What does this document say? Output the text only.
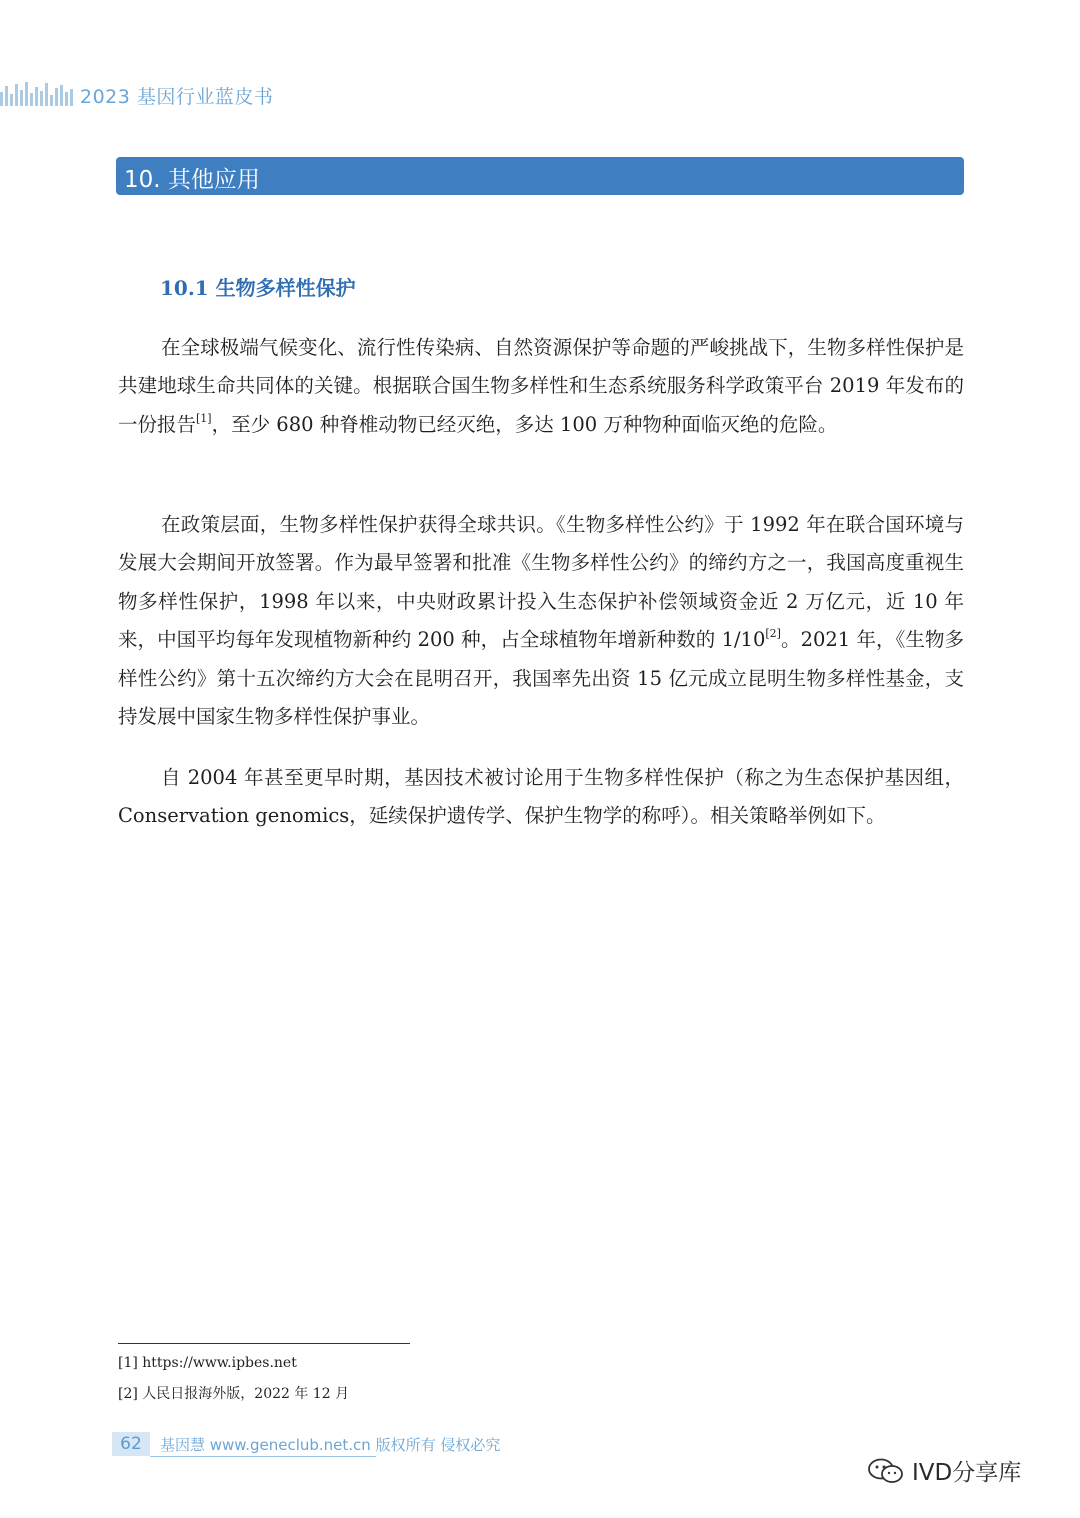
2023 基因行业蓝皮书
10. 其他应用
10.1 生物多样性保护

在全球极端气候变化、流行性传染病、自然资源保护等命题的严峻挑战下，生物多样性保护是共建地球生命共同体的关键。根据联合国生物多样性和生态系统服务科学政策平台 2019 年发布的一份报告[1]，至少 680 种脊椎动物已经灭绝，多达 100 万种物种面临灭绝的危险。

在政策层面，生物多样性保护获得全球共识。《生物多样性公约》于 1992 年在联合国环境与发展大会期间开放签署。作为最早签署和批准《生物多样性公约》的缔约方之一，我国高度重视生物多样性保护，1998 年以来，中央财政累计投入生态保护补偿领域资金近 2 万亿元，近 10 年来，中国平均每年发现植物新种约 200 种，占全球植物年增新种数的 1/10[2]。2021 年，《生物多样性公约》第十五次缔约方大会在昆明召开，我国率先出资 15 亿元成立昆明生物多样性基金，支持发展中国家生物多样性保护事业。

自 2004 年甚至更早时期，基因技术被讨论用于生物多样性保护（称之为生态保护基因组，Conservation genomics，延续保护遗传学、保护生物学的称呼）。相关策略举例如下。

[1] https://www.ipbes.net
[2] 人民日报海外版，2022 年 12 月
62	基因慧 www.geneclub.net.cn 版权所有 侵权必究
IVD分享库
